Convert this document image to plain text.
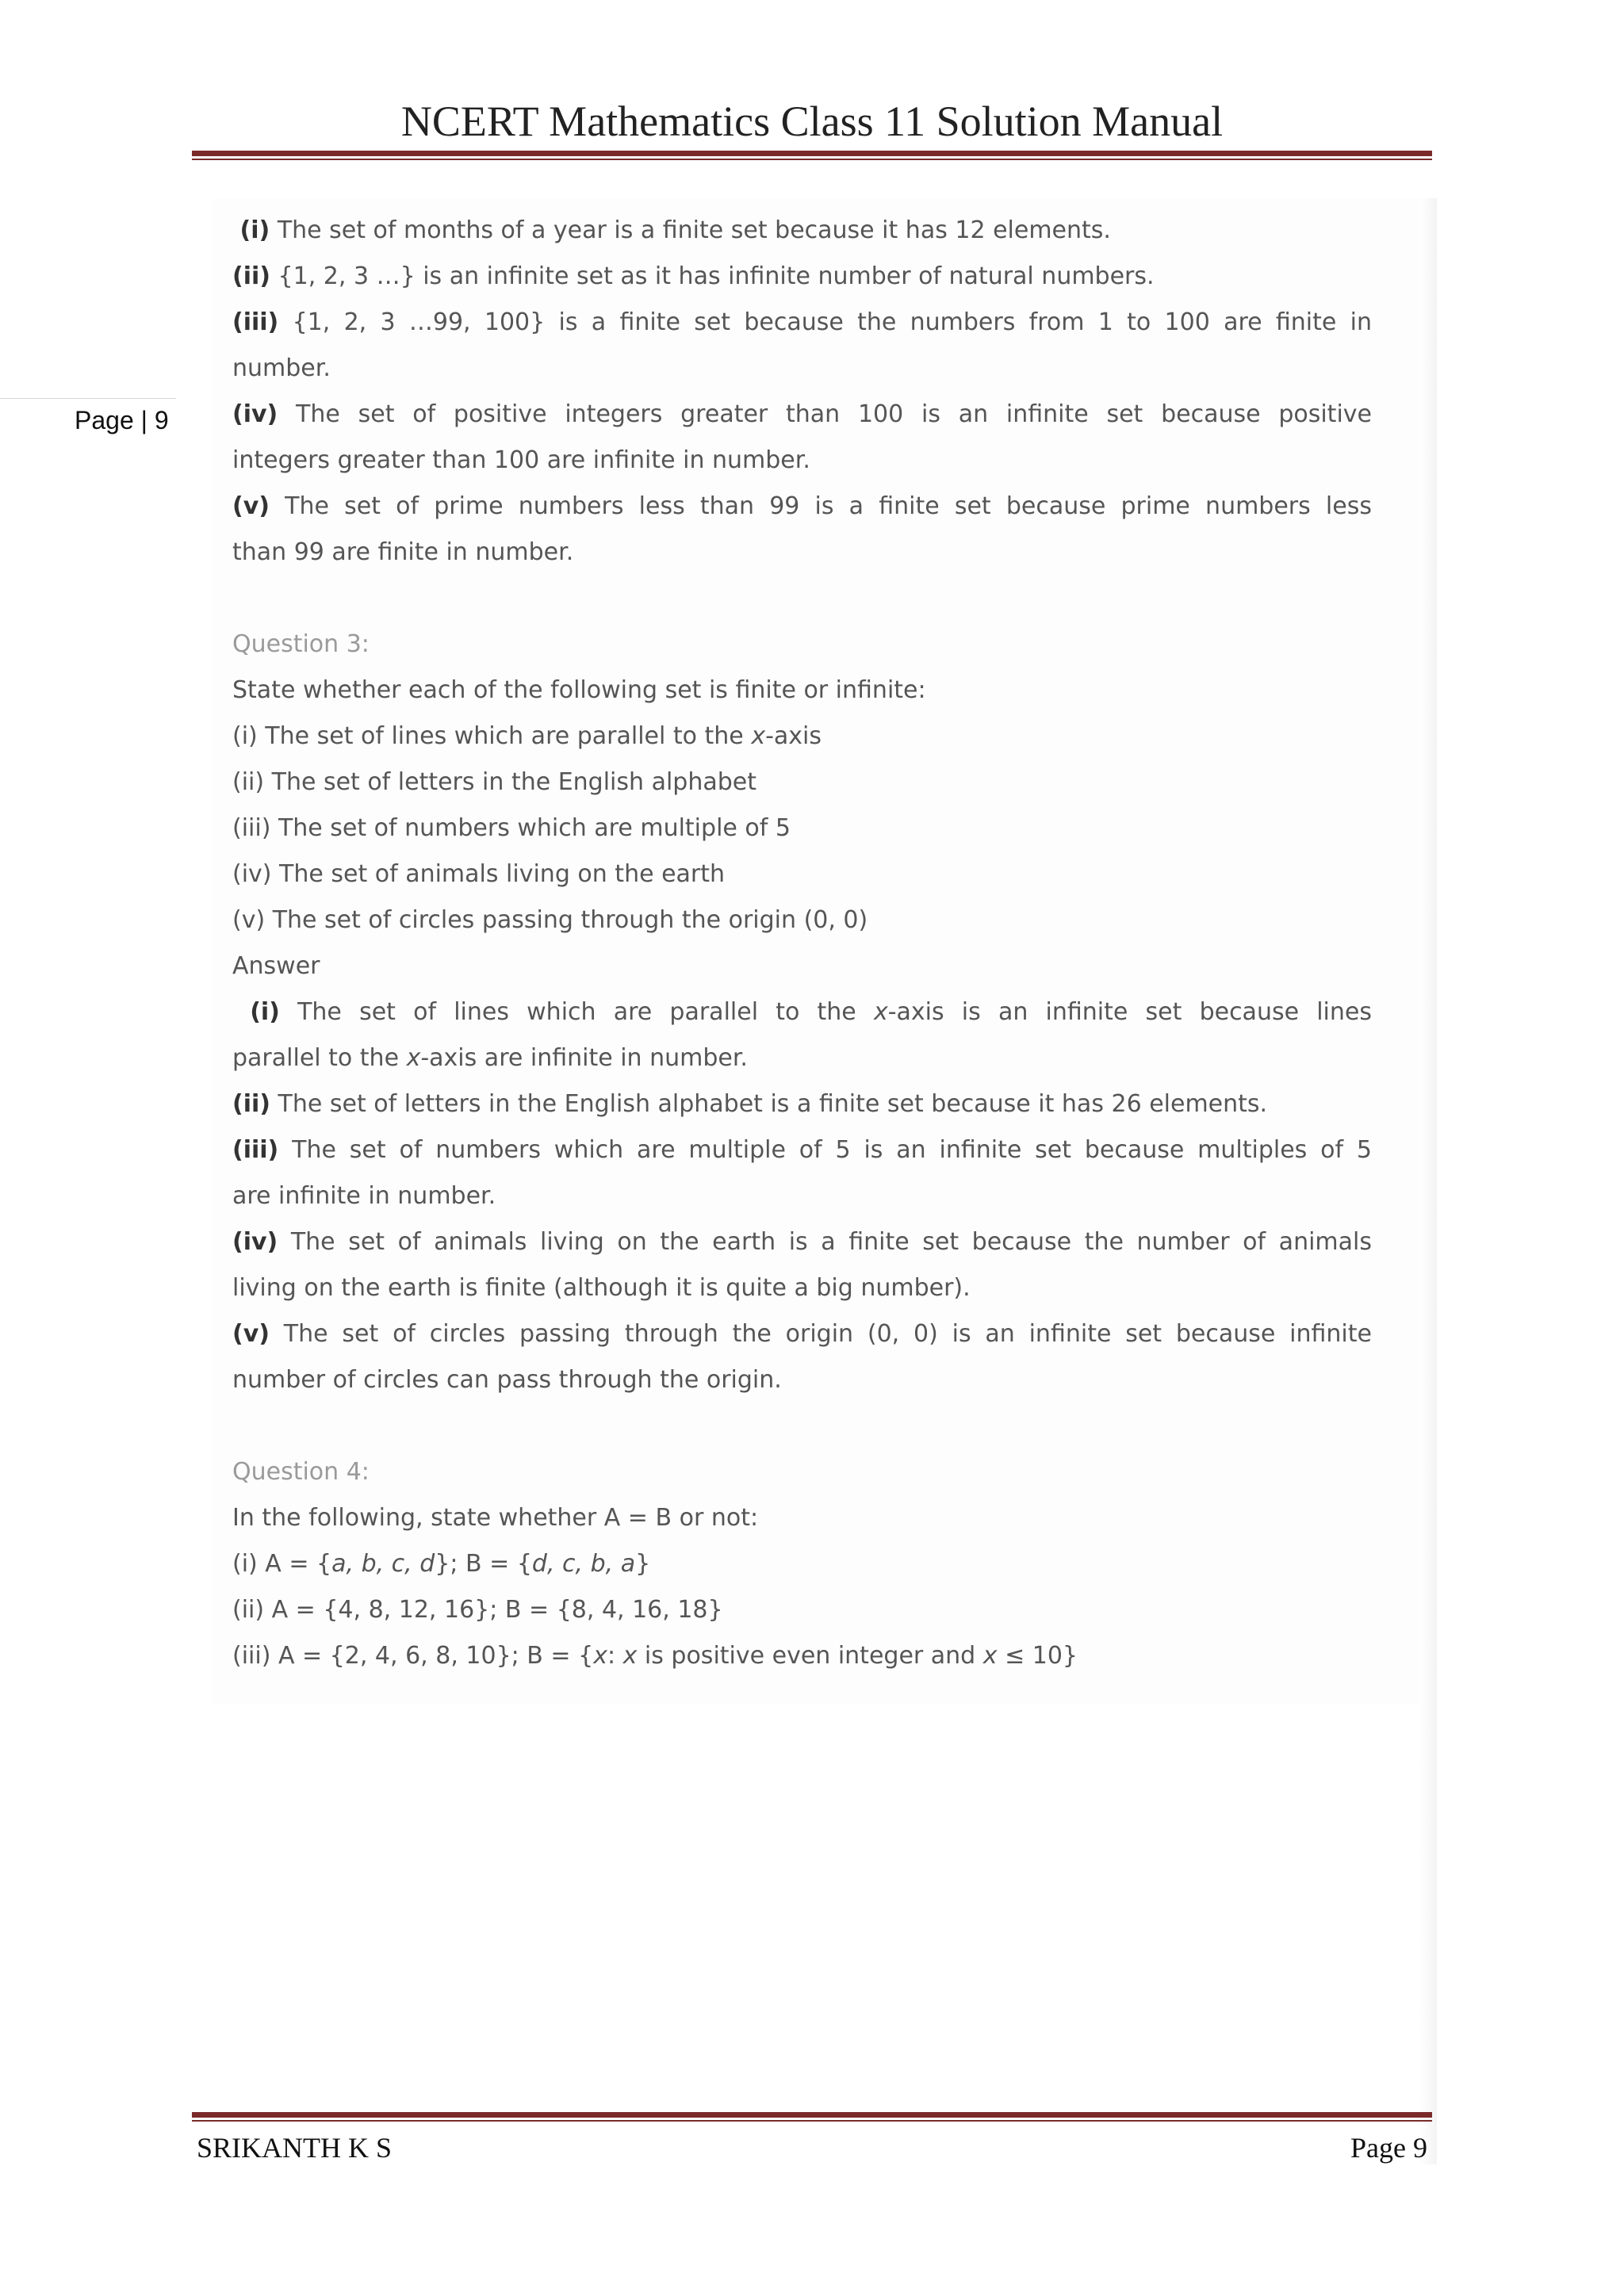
NCERT Mathematics Class 11 Solution Manual
Page | 9
(i) The set of months of a year is a finite set because it has 12 elements.
(ii) {1, 2, 3 …} is an infinite set as it has infinite number of natural numbers.
(iii) {1, 2, 3 …99, 100} is a finite set because the numbers from 1 to 100 are finite in
number.
(iv) The set of positive integers greater than 100 is an infinite set because positive
integers greater than 100 are infinite in number.
(v) The set of prime numbers less than 99 is a finite set because prime numbers less
than 99 are finite in number.
Question 3:
State whether each of the following set is finite or infinite:
(i) The set of lines which are parallel to the x-axis
(ii) The set of letters in the English alphabet
(iii) The set of numbers which are multiple of 5
(iv) The set of animals living on the earth
(v) The set of circles passing through the origin (0, 0)
Answer
(i) The set of lines which are parallel to the x-axis is an infinite set because lines
parallel to the x-axis are infinite in number.
(ii) The set of letters in the English alphabet is a finite set because it has 26 elements.
(iii) The set of numbers which are multiple of 5 is an infinite set because multiples of 5
are infinite in number.
(iv) The set of animals living on the earth is a finite set because the number of animals
living on the earth is finite (although it is quite a big number).
(v) The set of circles passing through the origin (0, 0) is an infinite set because infinite
number of circles can pass through the origin.
Question 4:
In the following, state whether A = B or not:
(i) A = {a, b, c, d}; B = {d, c, b, a}
(ii) A = {4, 8, 12, 16}; B = {8, 4, 16, 18}
(iii) A = {2, 4, 6, 8, 10}; B = {x: x is positive even integer and x ≤ 10}
SRIKANTH K S	Page 9
